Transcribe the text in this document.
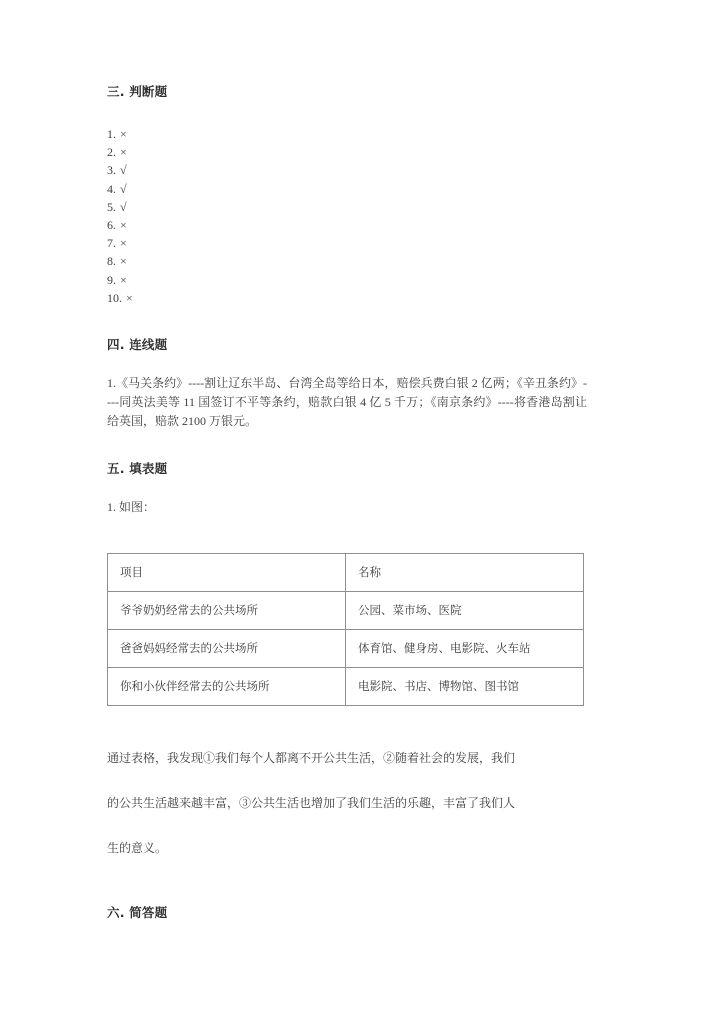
三. 判断题
1. ×
2. ×
3. √
4. √
5. √
6. ×
7. ×
8. ×
9. ×
10. ×
四. 连线题

1.《马关条约》----割让辽东半岛、台湾全岛等给日本，赔偿兵费白银 2 亿两；《辛丑条约》----同英法美等 11 国签订不平等条约，赔款白银 4 亿 5 千万；《南京条约》----将香港岛割让给英国，赔款 2100 万银元。

五. 填表题

1. 如图：

项目	名称
爷爷奶奶经常去的公共场所	公园、菜市场、医院
爸爸妈妈经常去的公共场所	体育馆、健身房、电影院、火车站
你和小伙伴经常去的公共场所	电影院、书店、博物馆、图书馆
通过表格，我发现①我们每个人都离不开公共生活，②随着社会的发展，我们
的公共生活越来越丰富，③公共生活也增加了我们生活的乐趣，丰富了我们人
生的意义。
六. 简答题
